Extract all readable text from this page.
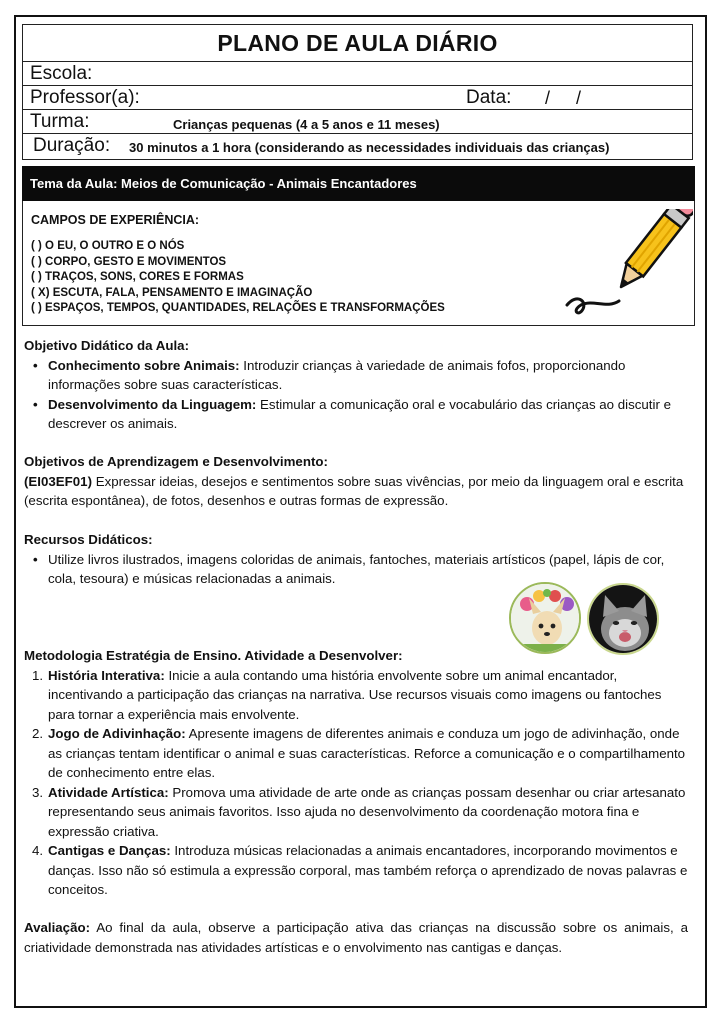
PLANO DE AULA DIÁRIO
Escola:
Professor(a):	Data: / /
Turma:	Crianças pequenas (4 a 5 anos e 11 meses)
Duração: 30 minutos a 1 hora (considerando as necessidades individuais das crianças)
Tema da Aula: Meios de Comunicação - Animais Encantadores
CAMPOS DE EXPERIÊNCIA:
( ) O EU, O OUTRO E O NÓS
( ) CORPO, GESTO E MOVIMENTOS
( ) TRAÇOS, SONS, CORES E FORMAS
( X) ESCUTA, FALA, PENSAMENTO E IMAGINAÇÃO
( ) ESPAÇOS, TEMPOS, QUANTIDADES, RELAÇÕES E TRANSFORMAÇÕES
Objetivo Didático da Aula:
• Conhecimento sobre Animais: Introduzir crianças à variedade de animais fofos, proporcionando informações sobre suas características.
• Desenvolvimento da Linguagem: Estimular a comunicação oral e vocabulário das crianças ao discutir e descrever os animais.
Objetivos de Aprendizagem e Desenvolvimento:
(EI03EF01) Expressar ideias, desejos e sentimentos sobre suas vivências, por meio da linguagem oral e escrita (escrita espontânea), de fotos, desenhos e outras formas de expressão.
Recursos Didáticos:
• Utilize livros ilustrados, imagens coloridas de animais, fantoches, materiais artísticos (papel, lápis de cor, cola, tesoura) e músicas relacionadas a animais.
Metodologia Estratégia de Ensino. Atividade a Desenvolver:
1. História Interativa: Inicie a aula contando uma história envolvente sobre um animal encantador, incentivando a participação das crianças na narrativa. Use recursos visuais como imagens ou fantoches para tornar a experiência mais envolvente.
2. Jogo de Adivinhação: Apresente imagens de diferentes animais e conduza um jogo de adivinhação, onde as crianças tentam identificar o animal e suas características. Reforce a comunicação e o compartilhamento de conhecimento entre elas.
3. Atividade Artística: Promova uma atividade de arte onde as crianças possam desenhar ou criar artesanato representando seus animais favoritos. Isso ajuda no desenvolvimento da coordenação motora fina e expressão criativa.
4. Cantigas e Danças: Introduza músicas relacionadas a animais encantadores, incorporando movimentos e danças. Isso não só estimula a expressão corporal, mas também reforça o aprendizado de novas palavras e conceitos.
Avaliação: Ao final da aula, observe a participação ativa das crianças na discussão sobre os animais, a criatividade demonstrada nas atividades artísticas e o envolvimento nas cantigas e danças.
